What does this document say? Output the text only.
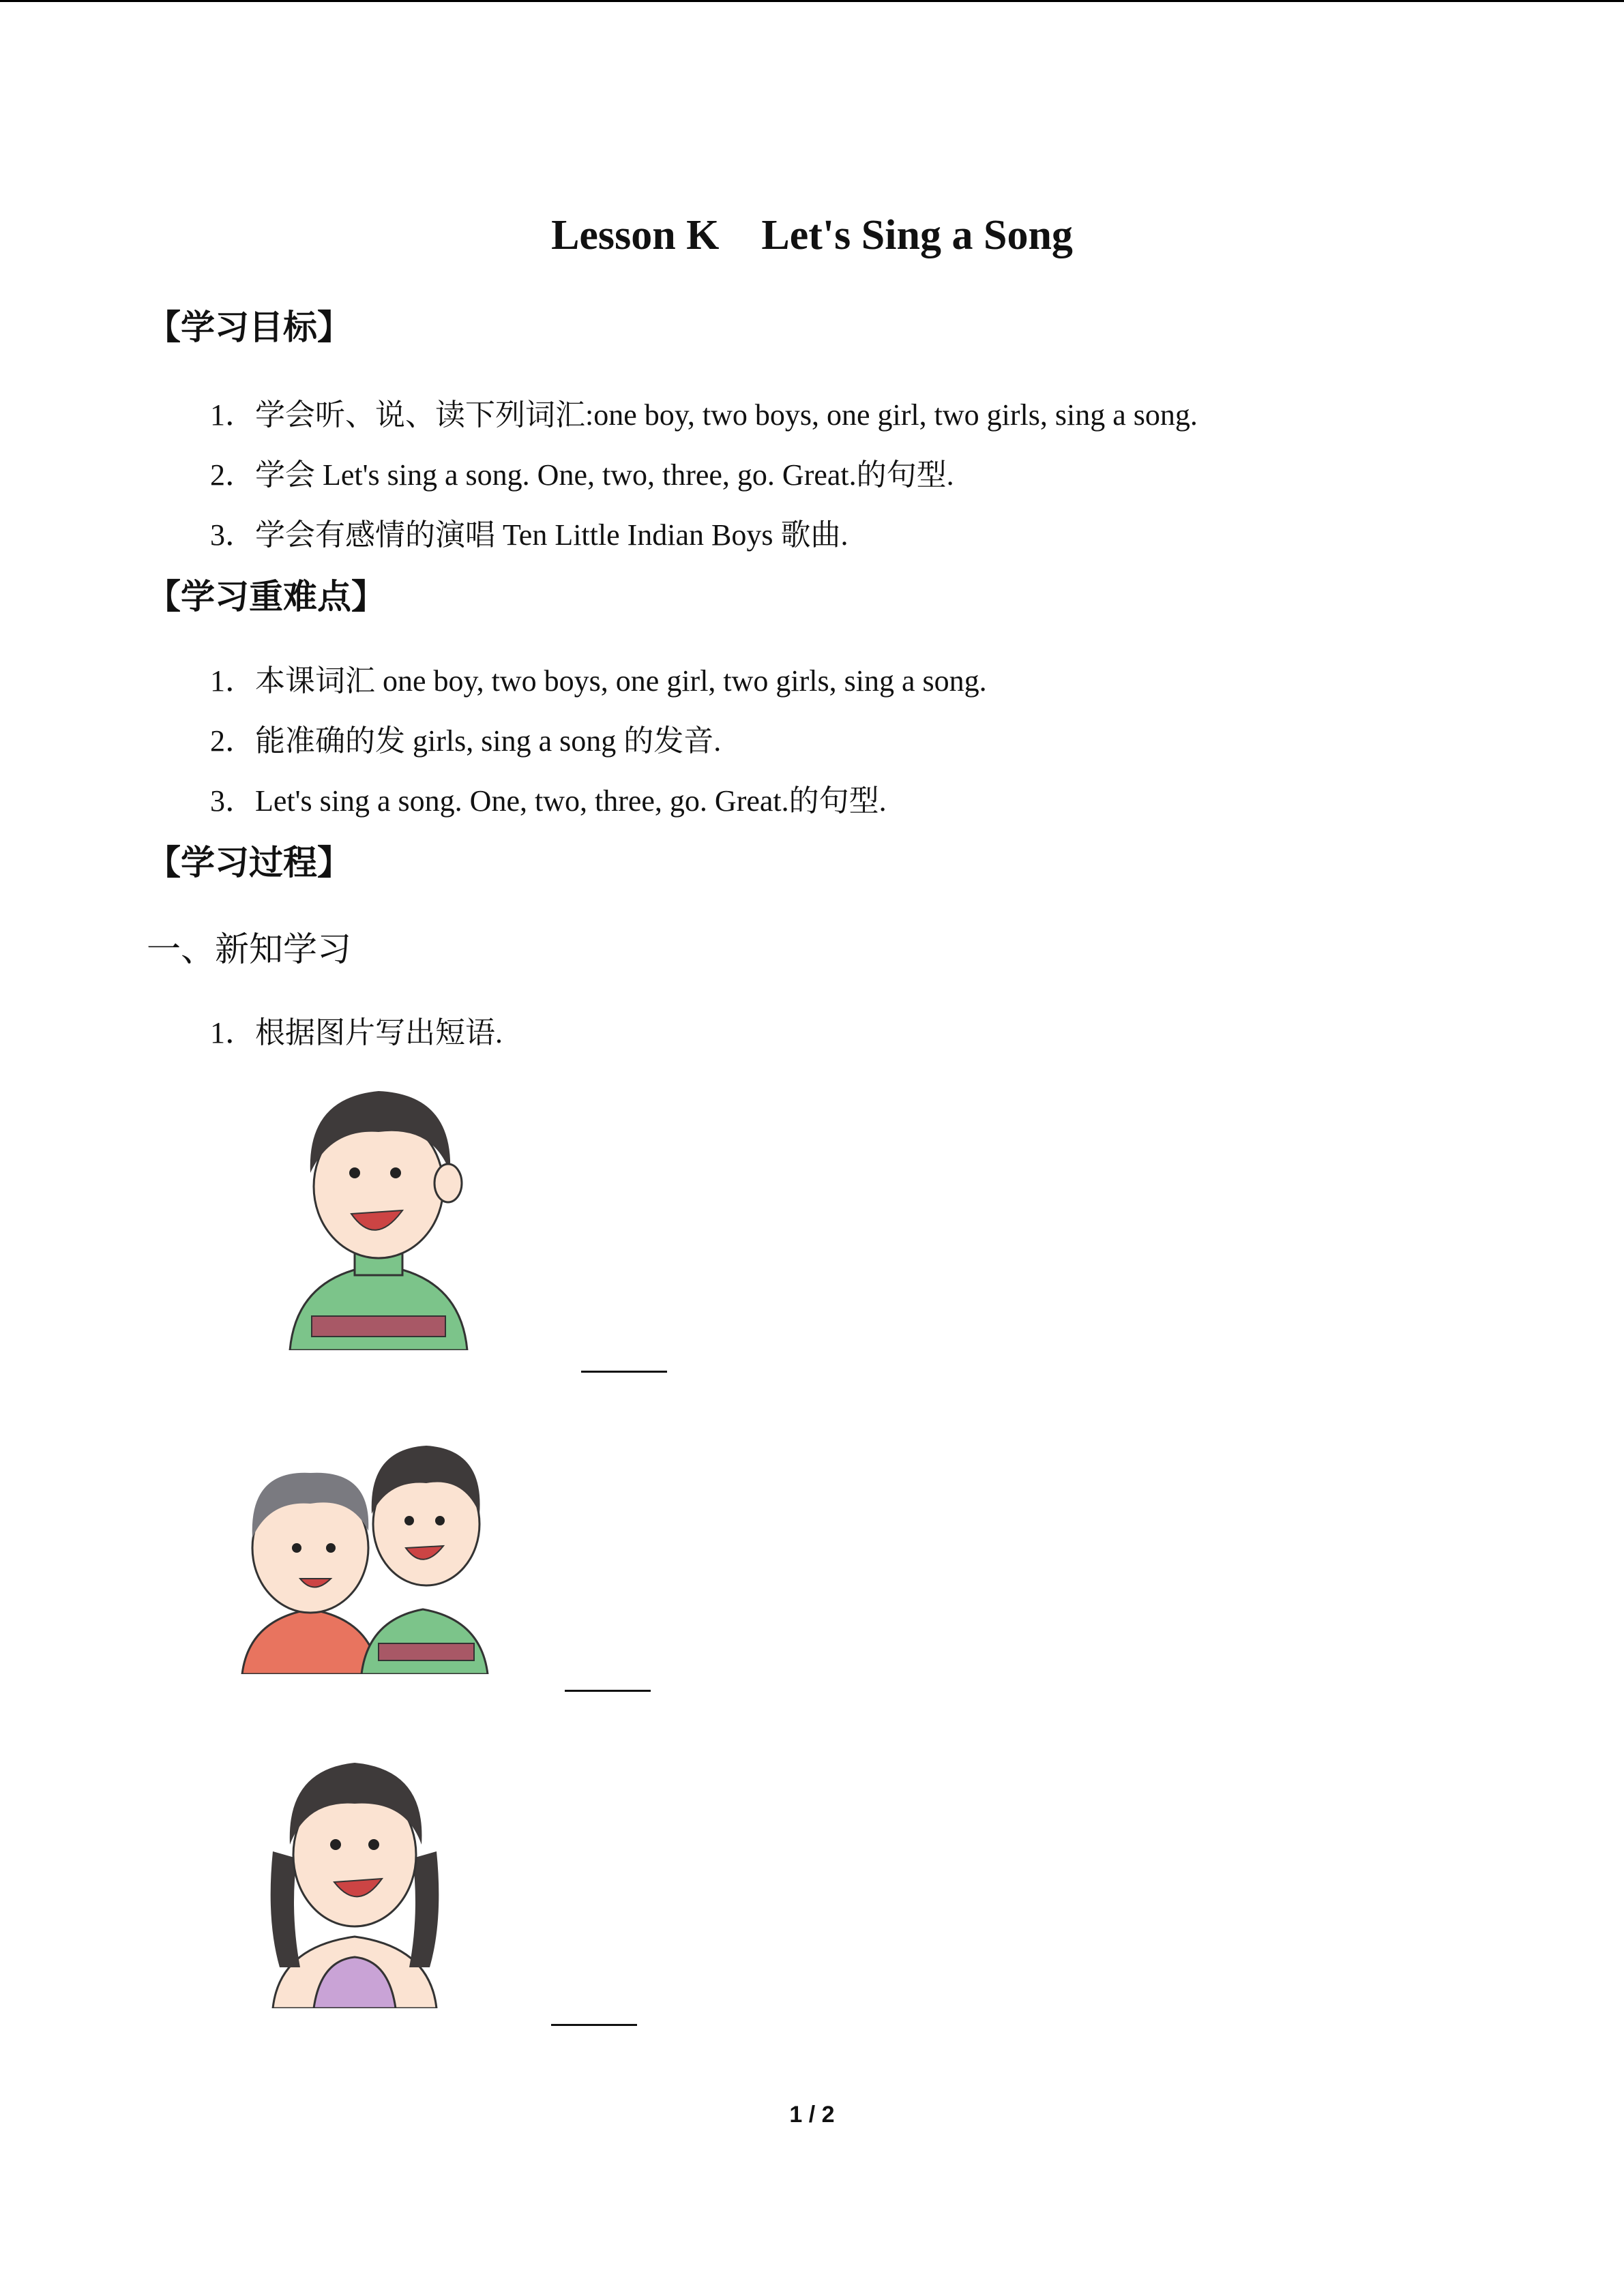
Lesson K    Let's Sing a Song
【学习目标】
1．学会听、说、读下列词汇:one boy, two boys, one girl, two girls, sing a song.
2．学会 Let's sing a song. One, two, three, go. Great.的句型.
3．学会有感情的演唱 Ten Little Indian Boys 歌曲.
【学习重难点】
1．本课词汇 one boy, two boys, one girl, two girls, sing a song.
2．能准确的发 girls, sing a song 的发音.
3．Let's sing a song. One, two, three, go. Great.的句型.
【学习过程】
一、新知学习
1．根据图片写出短语.
1 / 2
